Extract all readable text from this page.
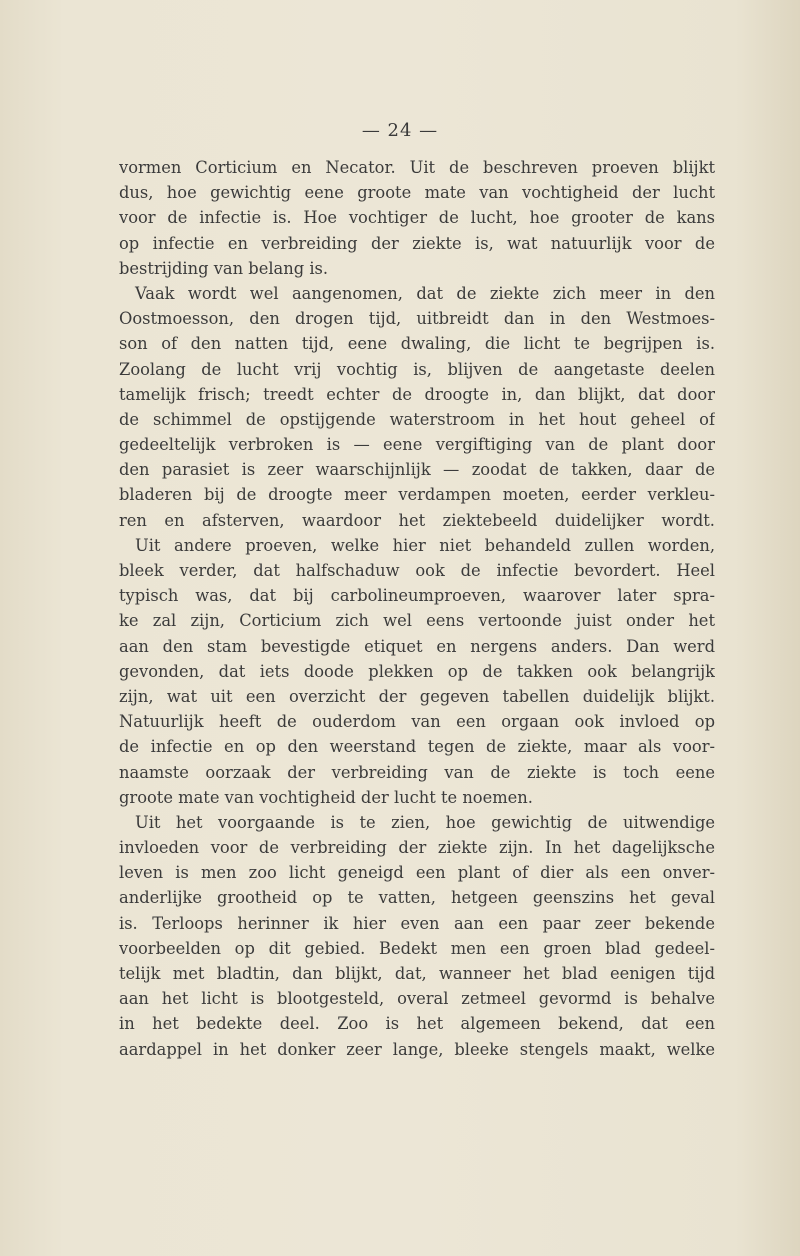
— 24 —
vormen Corticium en Necator. Uit de beschreven proeven blijkt
dus, hoe gewichtig eene groote mate van vochtigheid der lucht
voor de infectie is. Hoe vochtiger de lucht, hoe grooter de kans
op infectie en verbreiding der ziekte is, wat natuurlijk voor de
bestrijding van belang is.
Vaak wordt wel aangenomen, dat de ziekte zich meer in den
Oostmoesson, den drogen tijd, uitbreidt dan in den Westmoes-
son of den natten tijd, eene dwaling, die licht te begrijpen is.
Zoolang de lucht vrij vochtig is, blijven de aangetaste deelen
tamelijk frisch; treedt echter de droogte in, dan blijkt, dat door
de schimmel de opstijgende waterstroom in het hout geheel of
gedeeltelijk verbroken is — eene vergiftiging van de plant door
den parasiet is zeer waarschijnlijk — zoodat de takken, daar de
bladeren bij de droogte meer verdampen moeten, eerder verkleu-
ren en afsterven, waardoor het ziektebeeld duidelijker wordt.
Uit andere proeven, welke hier niet behandeld zullen worden,
bleek verder, dat halfschaduw ook de infectie bevordert. Heel
typisch was, dat bij carbolineumproeven, waarover later spra-
ke zal zijn, Corticium zich wel eens vertoonde juist onder het
aan den stam bevestigde etiquet en nergens anders. Dan werd
gevonden, dat iets doode plekken op de takken ook belangrijk
zijn, wat uit een overzicht der gegeven tabellen duidelijk blijkt.
Natuurlijk heeft de ouderdom van een orgaan ook invloed op
de infectie en op den weerstand tegen de ziekte, maar als voor-
naamste oorzaak der verbreiding van de ziekte is toch eene
groote mate van vochtigheid der lucht te noemen.
Uit het voorgaande is te zien, hoe gewichtig de uitwendige
invloeden voor de verbreiding der ziekte zijn. In het dagelijksche
leven is men zoo licht geneigd een plant of dier als een onver-
anderlijke grootheid op te vatten, hetgeen geenszins het geval
is. Terloops herinner ik hier even aan een paar zeer bekende
voorbeelden op dit gebied. Bedekt men een groen blad gedeel-
telijk met bladtin, dan blijkt, dat, wanneer het blad eenigen tijd
aan het licht is blootgesteld, overal zetmeel gevormd is behalve
in het bedekte deel. Zoo is het algemeen bekend, dat een
aardappel in het donker zeer lange, bleeke stengels maakt, welke
